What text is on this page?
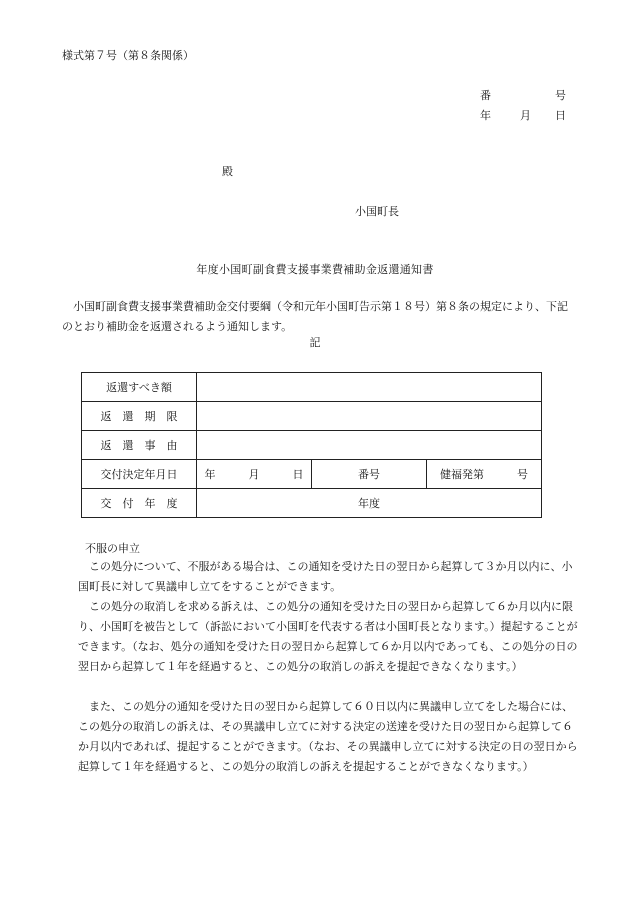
様式第７号（第８条関係）
番	号
年	月 日
殿
小国町長
年度小国町副食費支援事業費補助金返還通知書
小国町副食費支援事業費補助金交付要綱（令和元年小国町告示第１８号）第８条の規定により、下記のとおり補助金を返還されるよう通知します。
記
返還すべき額			
返　還　期　限			
返　還　事　由			
交付決定年月日	年　　　月　　　日	番号	健福発第　　　号
交　付　年　度	年度		
不服の申立
この処分について、不服がある場合は、この通知を受けた日の翌日から起算して３か月以内に、小国町長に対して異議申し立てをすることができます。
この処分の取消しを求める訴えは、この処分の通知を受けた日の翌日から起算して６か月以内に限り、小国町を被告として（訴訟において小国町を代表する者は小国町長となります。）提起することができます。（なお、処分の通知を受けた日の翌日から起算して６か月以内であっても、この処分の日の翌日から起算して１年を経過すると、この処分の取消しの訴えを提起できなくなります。）
また、この処分の通知を受けた日の翌日から起算して６０日以内に異議申し立てをした場合には、この処分の取消しの訴えは、その異議申し立てに対する決定の送達を受けた日の翌日から起算して６か月以内であれば、提起することができます。（なお、その異議申し立てに対する決定の日の翌日から起算して１年を経過すると、この処分の取消しの訴えを提起することができなくなります。）
